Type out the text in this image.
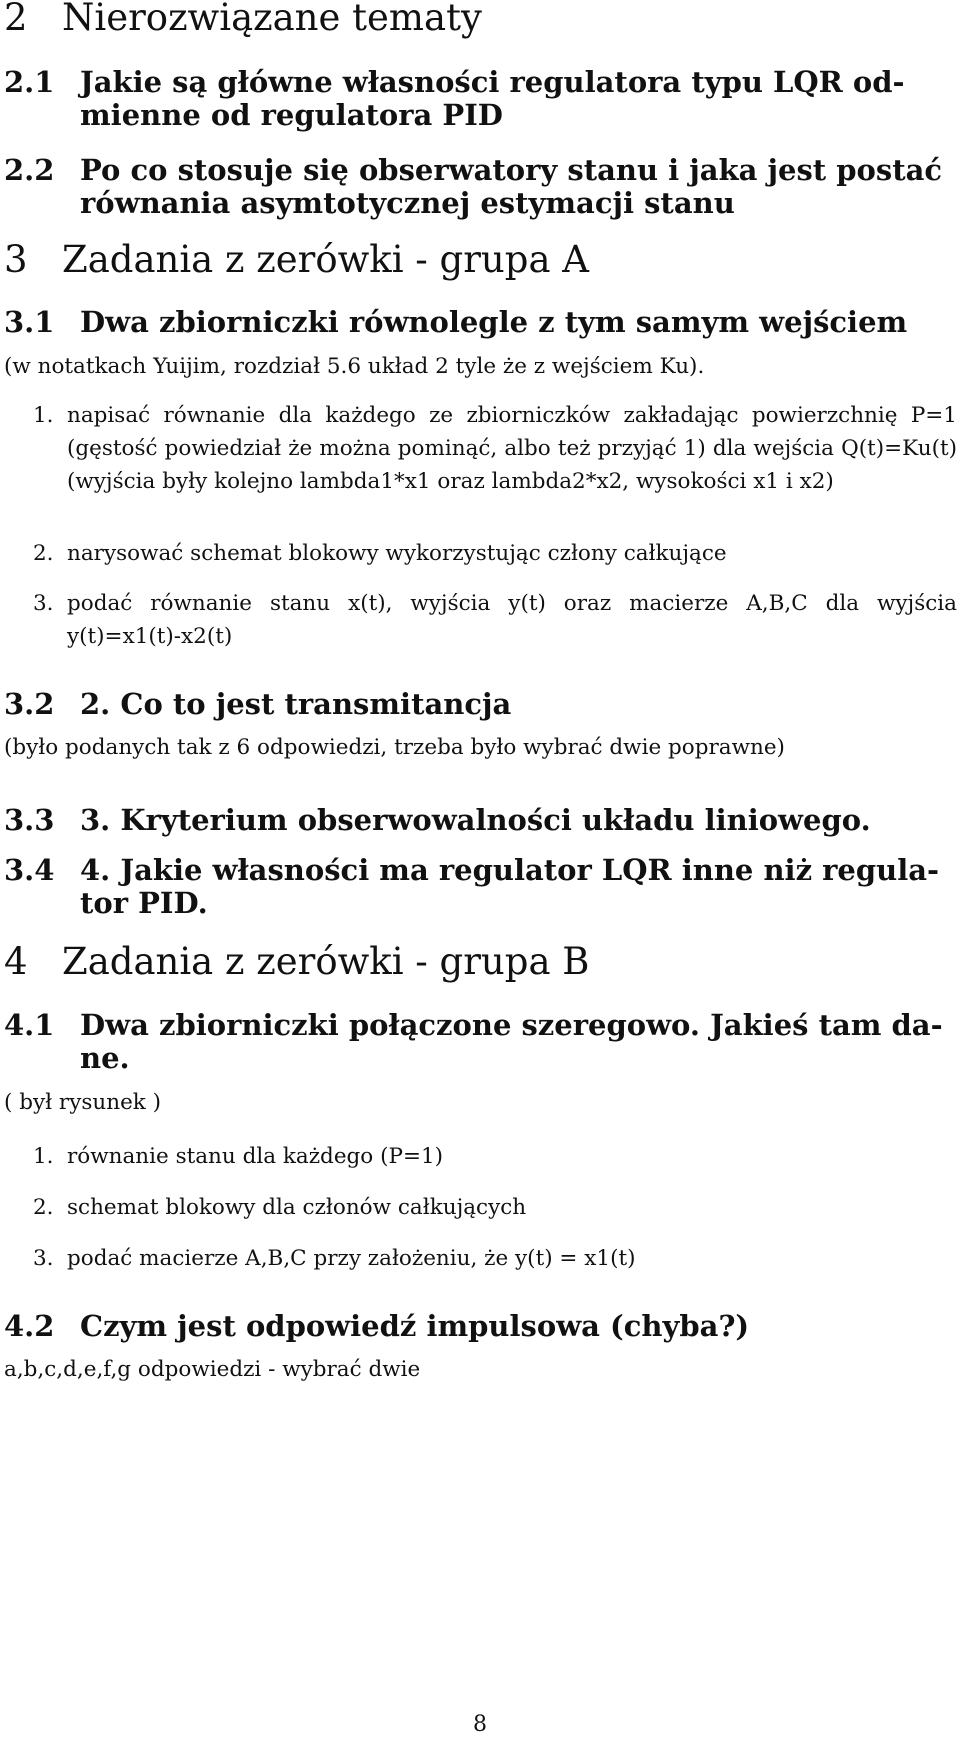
2 Nierozwiązane tematy
2.1 Jakie są główne własności regulatora typu LQR od-
mienne od regulatora PID
2.2 Po co stosuje się obserwatory stanu i jaka jest postać
równania asymtotycznej estymacji stanu
3 Zadania z zerówki - grupa A
3.1 Dwa zbiorniczki równolegle z tym samym wejściem

(w notatkach Yuijim, rozdział 5.6 układ 2 tyle że z wejściem Ku).

1. napisać równanie dla każdego ze zbiorniczków zakładając powierzchnię P=1 (gęstość powiedział że można pominąć, albo też przyjąć 1) dla wejścia Q(t)=Ku(t) (wyjścia były kolejno lambda1*x1 oraz lambda2*x2, wysokości x1 i x2)
2. narysować schemat blokowy wykorzystując człony całkujące
3. podać równanie stanu x(t), wyjścia y(t) oraz macierze A,B,C dla wyjścia y(t)=x1(t)-x2(t)
3.2 2. Co to jest transmitancja

(było podanych tak z 6 odpowiedzi, trzeba było wybrać dwie poprawne)

3.3 3. Kryterium obserwowalności układu liniowego.
3.4 4. Jakie własności ma regulator LQR inne niż regula-
tor PID.
4 Zadania z zerówki - grupa B
4.1 Dwa zbiorniczki połączone szeregowo. Jakieś tam da-
ne.

( był rysunek )

1. równanie stanu dla każdego (P=1)
2. schemat blokowy dla członów całkujących
3. podać macierze A,B,C przy założeniu, że y(t) = x1(t)
4.2 Czym jest odpowiedź impulsowa (chyba?)

a,b,c,d,e,f,g odpowiedzi - wybrać dwie

8
